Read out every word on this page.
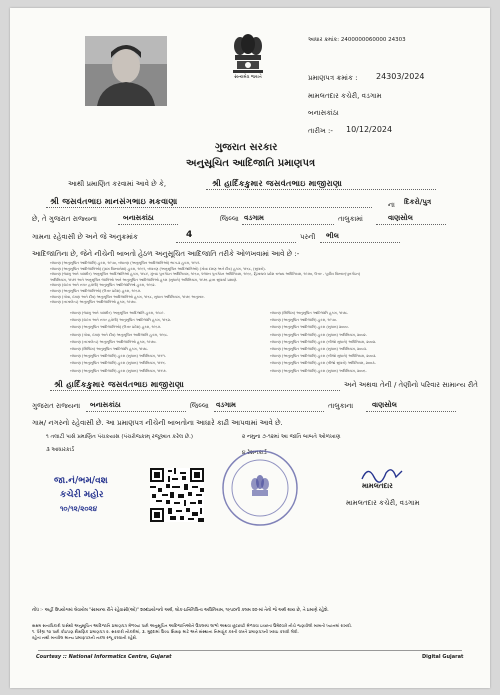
સત્યમેવ જયતે
આધાર ક્રમાંક: 2400000060000 24303
પ્રમાણપત્ર ક્રમાંક : 24303/2024
મામલતદાર કચેરી, વડગામ
બનાસકાંઠા
તારીખ :- 10/12/2024
ગુજરાત સરકાર
અનુસૂચિત આદિજાતિ પ્રમાણપત્ર
આથી પ્રમાણિત કરવામાં આવે છે કે,	શ્રી હાર્દિકકુમાર જસવંતભાઇ માજીરાણા
શ્રી જસવંતભાઇ માનસંગભાઇ મકવાણા	ના દિકરો/પુત્ર
છે, તે ગુજરાત રાજ્યના	બનાસકાંઠા	જિલ્લા વડગામ	તાલુકામાં	વાણસોલ
ગામના રહેવાસી છે અને જે અનુક્રમાંક	4	પરની ભીલ
આદિજાતિના છે, જેને નીચેની બાબતો હેઠળ અનુસૂચિત આદિજાતિ તરીકે ઓળખવામાં આવે છે :-
બંધારણ (અનુસૂચિત આદિજાતિ) હુકમ, ૧૯૫૦, બંધારણ (અનુસૂચિત આદિજાતિઓ) ભાગ-૨ હુકમ, ૧૯૫૧.
બંધારણ (અનુસૂચિત આદિજાતિઓ) (ગ્રામ વિસ્તારોમાં) હુકમ, ૧૯૬૧, બંધારણ (અનુસૂચિત આદિજાતિઓ) (ગોવા દમણ અને દીવ) હુકમ, ૧૯૬૮, (સુધારો).
બંધારણ (જમ્મુ અને કાશ્મીર) અનુસૂચિત આદિજાતિઓ હુકમ, ૧૯૮૯, મુંબઇ પુનર્ગઠન અધિનિયમ, ૧૯૬૦, પંજાબ પુનર્ગઠન અધિનિયમ, ૧૯૬૬, હિમાચલ પ્રદેશ રાજ્ય અધિનિયમ, ૧૯૭૦, ઉત્તર - પૂર્વીય વિસ્તાર(પુનર્ગઠન)
અધિનિયમ, ૧૯૭૧ અને અનુસૂચિત જાતિઓ અને અનુસૂચિત આદિજાતિઓ હુકમ (સુધારો) અધિનિયમ, ૧૯૭૬ દ્વારા સુધાર્યા પ્રમાણે.
બંધારણ (દાદરા અને નગર હવેલી) અનુસૂચિત આદિજાતિઓ હુકમ, ૧૯૬૨.
બંધારણ (અનુસૂચિત આદિજાતિઓ) (ઉત્તર પ્રદેશ) હુકમ, ૧૯૬૭.
બંધારણ (ગોવા, દમણ અને દીવ) અનુસૂચિત આદિજાતિઓ હુકમ, ૧૯૬૮, સુધારા અધિનિયમ, ૧૯૭૬ અનુસાર.
બંધારણ (નાગાલેન્ડ) અનુસૂચિત આદિજાતિઓ હુકમ, ૧૯૭૦.
બંધારણ (જમ્મુ અને કાશ્મીર) અનુસૂચિત આદિજાતિ હુકમ, ૧૯૮૯.
બંધારણ (દાદરા અને નગર હવેલી) અનુસૂચિત આદિજાતિ હુકમ, ૧૯૬૨.
બંધારણ (અનુસૂચિત આદિજાતિઓ) (ઉત્તર પ્રદેશ) હુકમ, ૧૯૬૭.
બંધારણ (ગોવા, દમણ અને દીવ) અનુસૂચિત આદિજાતિ હુકમ, ૧૯૬૮.
બંધારણ (નાગાલેન્ડ) અનુસૂચિત આદિજાતિઓ હુકમ, ૧૯૭૦.
બંધારણ (સિક્કિમ) અનુસૂચિત આદિજાતિ હુકમ, ૧૯૭૮.
બંધારણ (અનુસૂચિત આદિજાતિ) હુકમ (સુધારા) અધિનિયમ, ૧૯૯૧.
બંધારણ (અનુસૂચિત આદિજાતિ) હુકમ (સુધારા) અધિનિયમ, ૧૯૯૬.
બંધારણ (અનુસૂચિત આદિજાતિ) હુકમ (સુધારા) અધિનિયમ, ૧૯૯૭.
બંધારણ (સિક્કિમ) અનુસૂચિત આદિજાતિ હુકમ, ૧૯૭૮.
બંધારણ (અનુસૂચિત આદિજાતિ) હુકમ, ૧૯૫૦.
બંધારણ (અનુસૂચિત આદિજાતિ) હુકમ (સુધારા) ૨૦૦૦.
બંધારણ (અનુસૂચિત આદિજાતિ) હુકમ (સુધારા) અધિનિયમ, ૨૦૦૨.
બંધારણ (અનુસૂચિત આદિજાતિ) હુકમ (બીજો સુધારો) અધિનિયમ, ૨૦૦૨.
બંધારણ (અનુસૂચિત આદિજાતિ) હુકમ (સુધારા) અધિનિયમ, ૨૦૦૩.
બંધારણ (અનુસૂચિત આદિજાતિ) હુકમ (બીજો સુધારો) અધિનિયમ, ૨૦૦૩.
બંધારણ (અનુસૂચિત આદિજાતિ) હુકમ (ત્રીજો સુધારો) અધિનિયમ, ૨૦૦૩.
બંધારણ (અનુસૂચિત આદિજાતિ) હુકમ (સુધારા) અધિનિયમ, ૨૦૦૬.
શ્રી હાર્દિકકુમાર જસવંતભાઇ માજીરાણા	અને અથવા તેની / તેણીનો પરિવાર સામાન્ય રીતે
ગુજરાત રાજ્યના બનાસકાંઠા	જિલ્લા વડગામ	તાલુકાના	વાણસોલ
ગામ/ નગરનો રહેવાસી છે. આ પ્રમાણપત્ર નીચેની બાબતોના આધારે કાઢી આપવામાં આવે છે.
૧ તલાટી પાસે પ્રમાણિત પંચકયાસ (પંચરોજકામ્ રજૂઆત કરેલ છે.)	૨ નમુના ૭-૧૨માં આ જાતિ બાબતે ઓળખાણ
૩ આધારકાર્ડ	૪ રેશનકાર્ડ
જા.નં/ભમ/વશ
કચેરી મહોર
૧૦/૧૨/૨૦૨૪
મામલતદાર
મામલતદાર કચેરી, વડગામ
નોંધ :- અહીં ઉપયોગમાં લેવાયેલ "સામાન્ય રીતે રહેવાસી(ઓ)" શબ્દપ્રયોગનો અર્થ, લોક-પ્રતિનિધિત્વ અધિનિયમ, ૧૯૫૦ની કલમ ૨૦-માં તેનો જે અર્થ થાય છે, તે પ્રમાણે રહેશે.
સક્ષમ સત્તાધિકારી પાસેથી અનુસૂચિત આદિજાતિ પ્રમાણપત્ર મેળવ્યા પછી અનુસૂચિત આદિજાતિઓને ઉપલબ્ધ લાભો અથવા છૂટછાટો મેળવવા ઇચ્છતા ઉમેદવારે નીચે જણાવેલી બાબતો ધ્યાનમાં રાખવી.
૧. પેરેગ્રા ૧૦ પછી કોઇપણ શૈક્ષણિક પ્રમાણપત્ર ૨. સરકારી નોકરીમાં, ૩. મુદ્દામાં ઉચ્ચ શિક્ષણ માટે અને સંસ્થાના નિમણૂંક કરતી વખતે પ્રમાણપત્રની ખરાઇ કરાવી લેવી.
રહેતા નથી બતાવેલ માન્ય પ્રમાણપત્રની નકલ રજૂ કરવાની રહેશે.
Courtesy :: National Informatics Centre, Gujarat	Digital Gujarat
